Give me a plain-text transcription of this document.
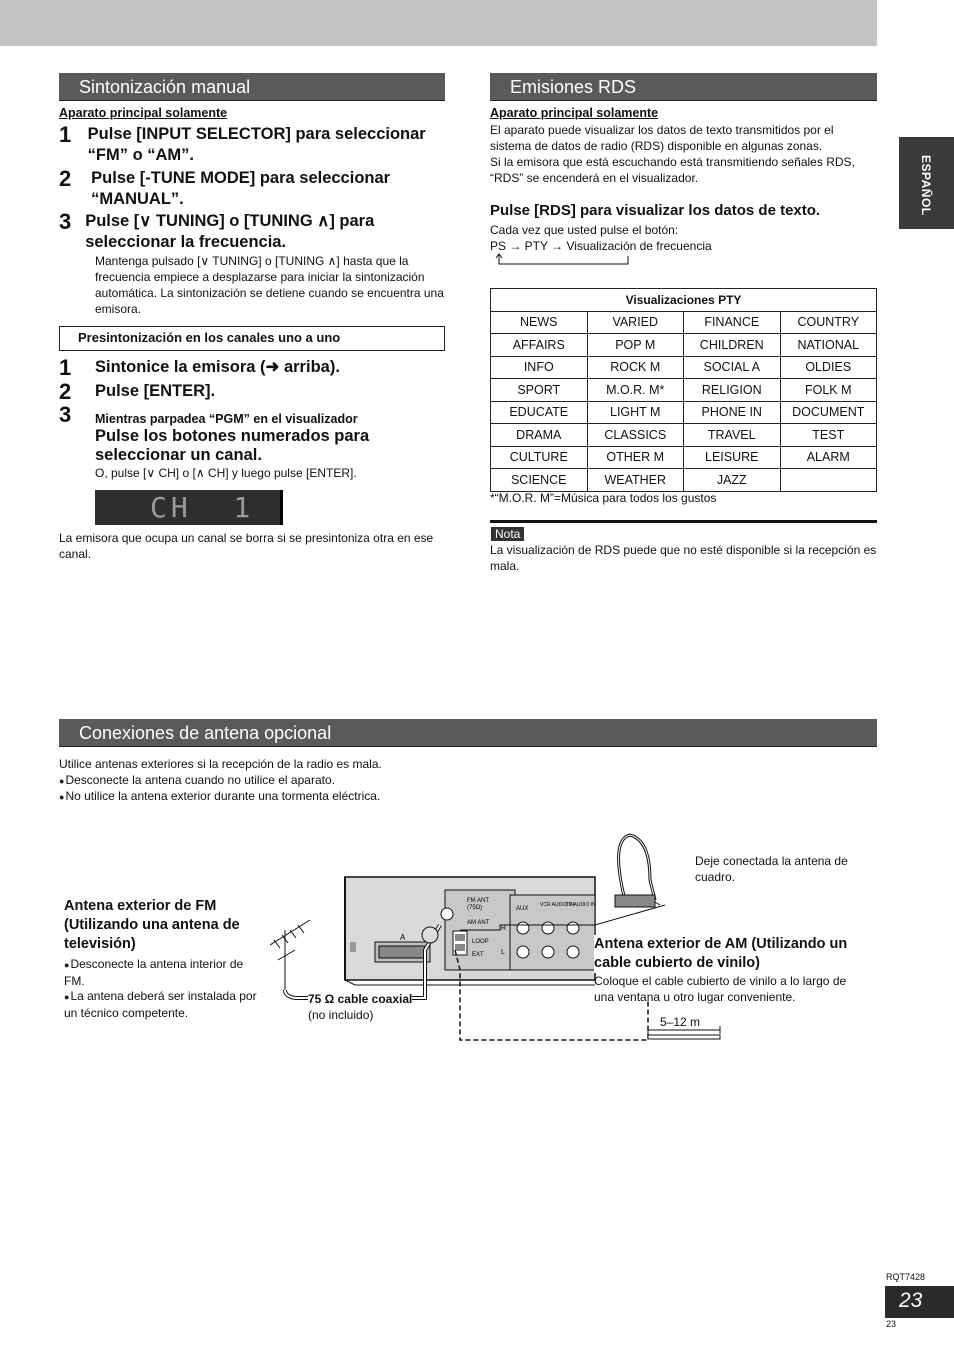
Sintonización manual
Aparato principal solamente
1 Pulse [INPUT SELECTOR] para seleccionar “FM” o “AM”.
2	Pulse [-TUNE MODE] para seleccionar “MANUAL”.
3 Pulse [∨ TUNING] o [TUNING ∧] para seleccionar la frecuencia.
Mantenga pulsado [∨ TUNING] o [TUNING ∧] hasta que la frecuencia empiece a desplazarse para iniciar la sintonización automática. La sintonización se detiene cuando se encuentra una emisora.
Presintonización en los canales uno a uno
1	Sintonice la emisora (➜ arriba).
2	Pulse [ENTER].
3	Mientras parpadea “PGM” en el visualizador
Pulse los botones numerados para seleccionar un canal.
O, pulse [∨ CH] o [∧ CH] y luego pulse [ENTER].
CH  1
La emisora que ocupa un canal se borra si se presintoniza otra en ese canal.
Emisiones RDS
Aparato principal solamente
El aparato puede visualizar los datos de texto transmitidos por el sistema de datos de radio (RDS) disponible en algunas zonas.
Si la emisora que está escuchando está transmitiendo señales RDS, “RDS” se encenderá en el visualizador.
Pulse [RDS] para visualizar los datos de texto.
Cada vez que usted pulse el botón:
PS → PTY → Visualización de frecuencia
Visualizaciones PTY			
NEWS	VARIED	FINANCE	COUNTRY
AFFAIRS	POP M	CHILDREN	NATIONAL
INFO	ROCK M	SOCIAL A	OLDIES
SPORT	M.O.R. M*	RELIGION	FOLK M
EDUCATE	LIGHT M	PHONE IN	DOCUMENT
DRAMA	CLASSICS	TRAVEL	TEST
CULTURE	OTHER M	LEISURE	ALARM
SCIENCE	WEATHER	JAZZ	
*“M.O.R. M”=Música para todos los gustos
Nota
La visualización de RDS puede que no esté disponible si la recepción es mala.
ESPAÑOL
Conexiones de antena opcional
Utilice antenas exteriores si la recepción de la radio es mala.
● Desconecte la antena cuando no utilice el aparato.
● No utilice la antena exterior durante una tormenta eléctrica.
Antena exterior de FM (Utilizando una antena de televisión)
● Desconecte la antena interior de FM.
● La antena deberá ser instalada por un técnico competente.
A
FM ANT
(75Ω)
AM ANT
LOOP
EXT
AUX
VCR AUDIO IN
TV AUDIO IN
R
L
75 Ω cable coaxial
(no incluido)
Deje conectada la antena de cuadro.
Antena exterior de AM (Utilizando un cable cubierto de vinilo)
Coloque el cable cubierto de vinilo a lo largo de una ventana u otro lugar conveniente.
5–12 m
RQT7428
23
23
